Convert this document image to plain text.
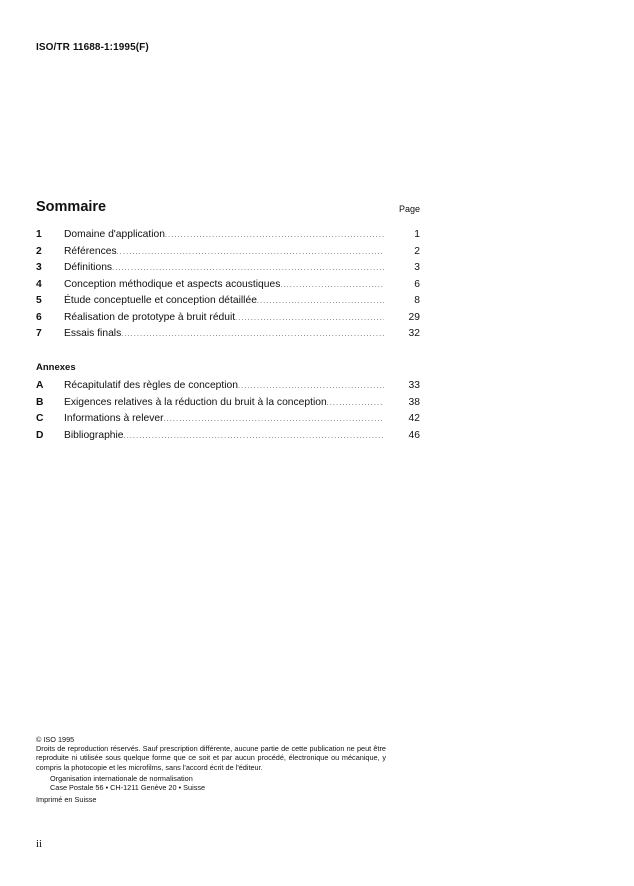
ISO/TR 11688-1:1995(F)
Sommaire	Page
1	Domaine d'application .....	1
2	Références .....	2
3	Définitions .....	3
4	Conception méthodique et aspects acoustiques .....	6
5	Étude conceptuelle et conception détaillée .....	8
6	Réalisation de prototype à bruit réduit .....	29
7	Essais finals .....	32
Annexes
A	Récapitulatif des règles de conception .....	33
B	Exigences relatives à la réduction du bruit à la conception .....	38
C	Informations à relever .....	42
D	Bibliographie .....	46

© ISO 1995

Droits de reproduction réservés. Sauf prescription différente, aucune partie de cette publication ne peut être reproduite ni utilisée sous quelque forme que ce soit et par aucun procédé, électronique ou mécanique, y compris la photocopie et les microfilms, sans l'accord écrit de l'éditeur.

Organisation internationale de normalisation

Case Postale 56 • CH-1211 Genève 20 • Suisse

Imprimé en Suisse

ii
